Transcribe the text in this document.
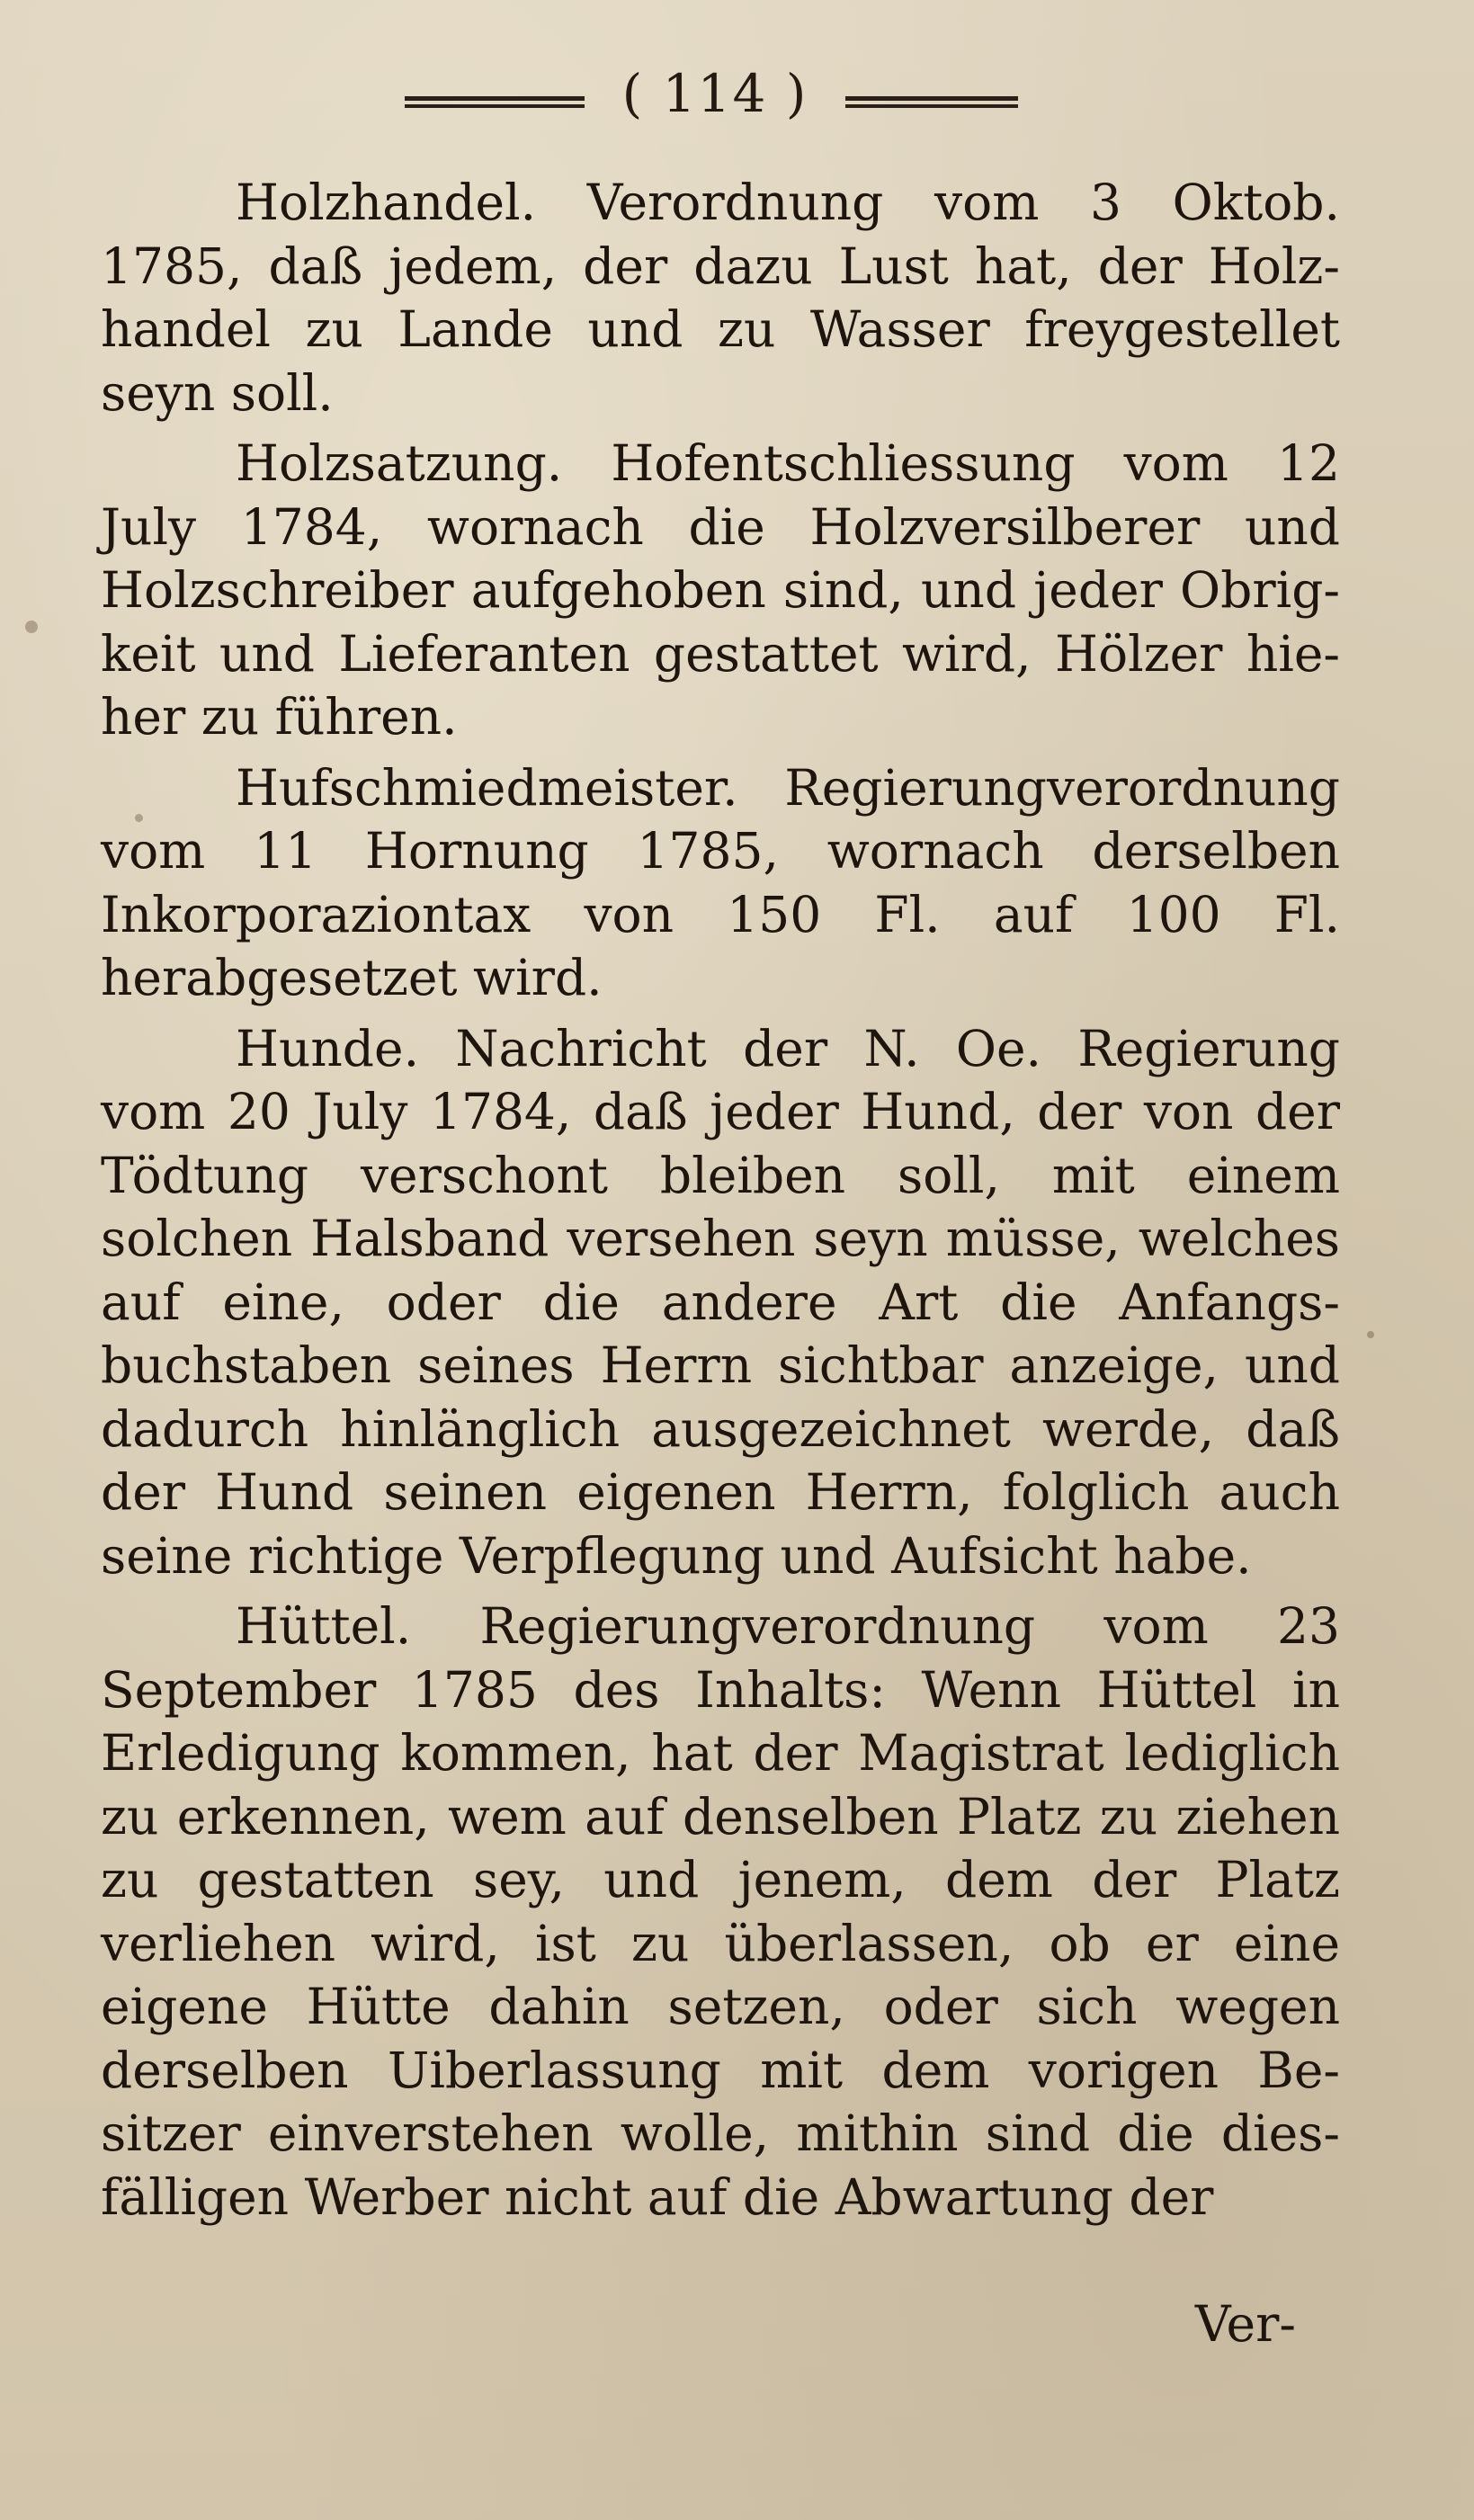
( 114 )

Holzhandel. Verordnung vom 3 Oktob. 1785, daß jedem, der dazu Lust hat, der Holzhandel zu Lande und zu Wasser freygestellet seyn soll.

Holzsatzung. Hofentschliessung vom 12 July 1784, wornach die Holzversilberer und Holzschreiber aufgehoben sind, und jeder Obrigkeit und Lieferanten gestattet wird, Hölzer hieher zu führen.

Hufschmiedmeister. Regierungverordnung vom 11 Hornung 1785, wornach derselben Inkorporaziontax von 150 Fl. auf 100 Fl. herabgesetzet wird.

Hunde. Nachricht der N. Oe. Regierung vom 20 July 1784, daß jeder Hund, der von der Tödtung verschont bleiben soll, mit einem solchen Halsband versehen seyn müsse, welches auf eine, oder die andere Art die Anfangsbuchstaben seines Herrn sichtbar anzeige, und dadurch hinlänglich ausgezeichnet werde, daß der Hund seinen eigenen Herrn, folglich auch seine richtige Verpflegung und Aufsicht habe.

Hüttel. Regierungverordnung vom 23 September 1785 des Inhalts: Wenn Hüttel in Erledigung kommen, hat der Magistrat lediglich zu erkennen, wem auf denselben Platz zu ziehen zu gestatten sey, und jenem, dem der Platz verliehen wird, ist zu überlassen, ob er eine eigene Hütte dahin setzen, oder sich wegen derselben Uiberlassung mit dem vorigen Besitzer einverstehen wolle, mithin sind die diesfälligen Werber nicht auf die Abwartung der

Ver-
